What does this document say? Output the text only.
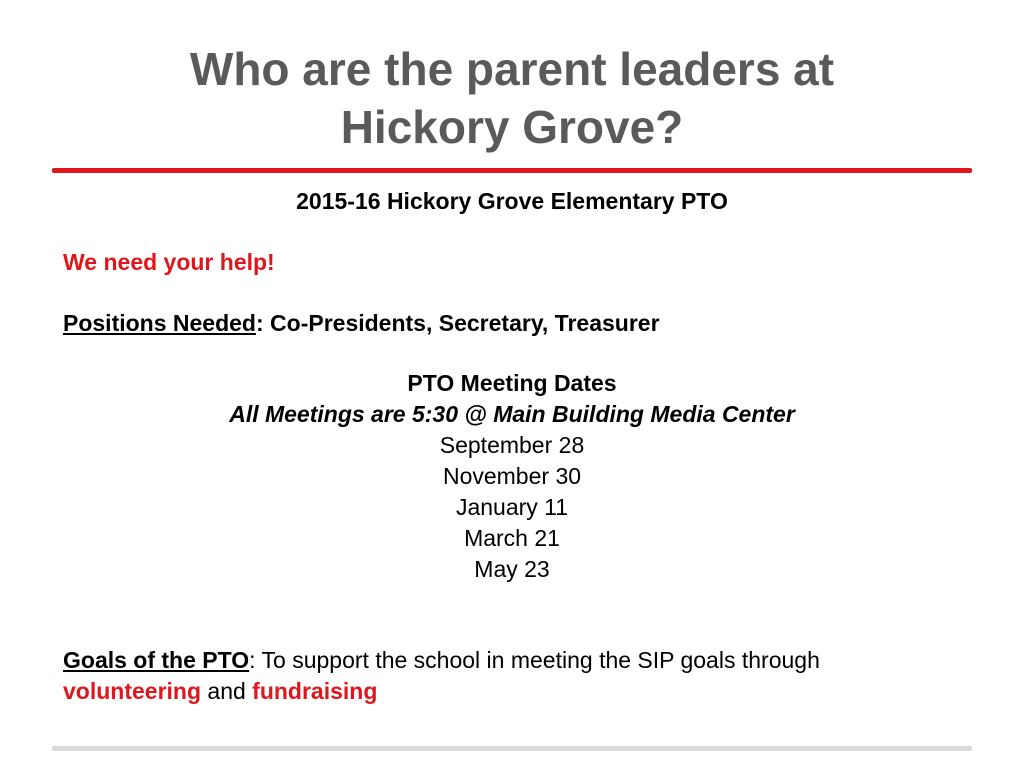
Who are the parent leaders at
Hickory Grove?
2015-16 Hickory Grove Elementary PTO
We need your help!
Positions Needed: Co-Presidents, Secretary, Treasurer
PTO Meeting Dates
All Meetings are 5:30 @ Main Building Media Center
September 28
November 30
January 11
March 21
May 23
Goals of the PTO: To support the school in meeting the SIP goals through volunteering and fundraising
